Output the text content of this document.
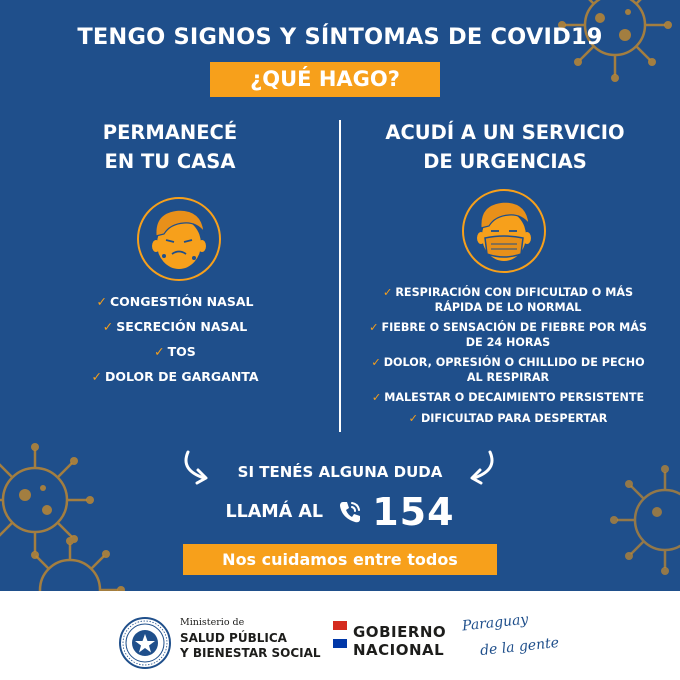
TENGO SIGNOS Y SÍNTOMAS DE COVID19
¿QUÉ HAGO?
PERMANECÉ
EN TU CASA
✓ CONGESTIÓN NASAL
✓ SECRECIÓN NASAL
✓ TOS
✓ DOLOR DE GARGANTA
ACUDÍ A UN SERVICIO
DE URGENCIAS
✓ RESPIRACIÓN CON DIFICULTAD O MÁS
RÁPIDA DE LO NORMAL
✓ FIEBRE O SENSACIÓN DE FIEBRE POR MÁS
DE 24 HORAS
✓ DOLOR, OPRESIÓN O CHILLIDO DE PECHO
AL RESPIRAR
✓ MALESTAR O DECAIMIENTO PERSISTENTE
✓ DIFICULTAD PARA DESPERTAR
SI TENÉS ALGUNA DUDA
LLAMÁ AL 154
Nos cuidamos entre todos
Ministerio de
SALUD PÚBLICA
Y BIENESTAR SOCIAL
GOBIERNO
NACIONAL
Paraguay
de la gente
